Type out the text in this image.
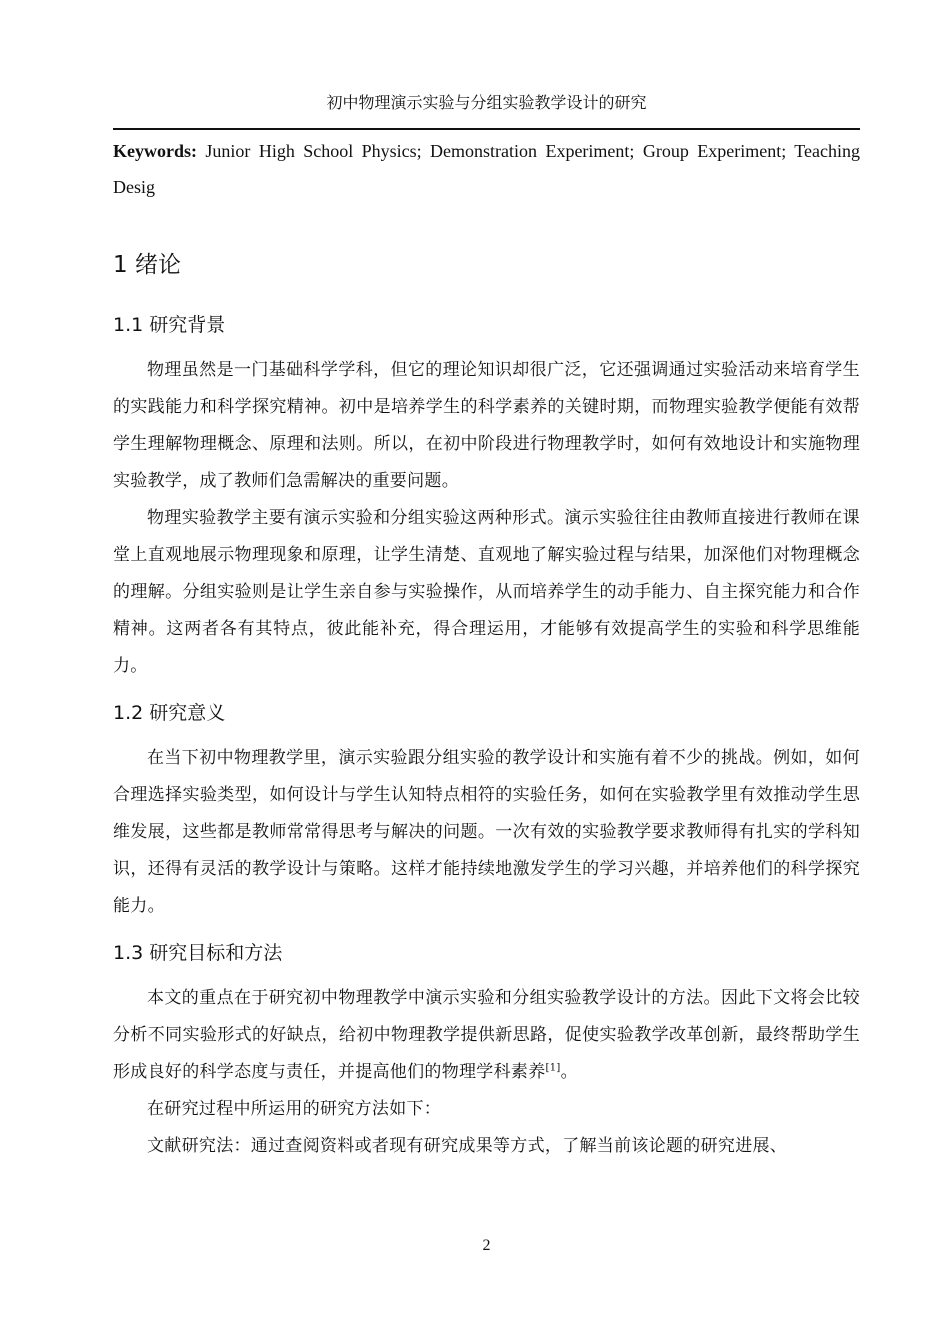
初中物理演示实验与分组实验教学设计的研究

Keywords: Junior High School Physics; Demonstration Experiment; Group Experiment; Teaching Desig

1 绪论
1.1 研究背景

物理虽然是一门基础科学学科，但它的理论知识却很广泛，它还强调通过实验活动来培育学生的实践能力和科学探究精神。初中是培养学生的科学素养的关键时期，而物理实验教学便能有效帮学生理解物理概念、原理和法则。所以，在初中阶段进行物理教学时，如何有效地设计和实施物理实验教学，成了教师们急需解决的重要问题。

物理实验教学主要有演示实验和分组实验这两种形式。演示实验往往由教师直接进行教师在课堂上直观地展示物理现象和原理，让学生清楚、直观地了解实验过程与结果，加深他们对物理概念的理解。分组实验则是让学生亲自参与实验操作，从而培养学生的动手能力、自主探究能力和合作精神。这两者各有其特点，彼此能补充，得合理运用，才能够有效提高学生的实验和科学思维能力。

1.2 研究意义

在当下初中物理教学里，演示实验跟分组实验的教学设计和实施有着不少的挑战。例如，如何合理选择实验类型，如何设计与学生认知特点相符的实验任务，如何在实验教学里有效推动学生思维发展，这些都是教师常常得思考与解决的问题。一次有效的实验教学要求教师得有扎实的学科知识，还得有灵活的教学设计与策略。这样才能持续地激发学生的学习兴趣，并培养他们的科学探究能力。

1.3 研究目标和方法

本文的重点在于研究初中物理教学中演示实验和分组实验教学设计的方法。因此下文将会比较分析不同实验形式的好缺点，给初中物理教学提供新思路，促使实验教学改革创新，最终帮助学生形成良好的科学态度与责任，并提高他们的物理学科素养[1]。

在研究过程中所运用的研究方法如下：

文献研究法：通过查阅资料或者现有研究成果等方式，了解当前该论题的研究进展、

2
